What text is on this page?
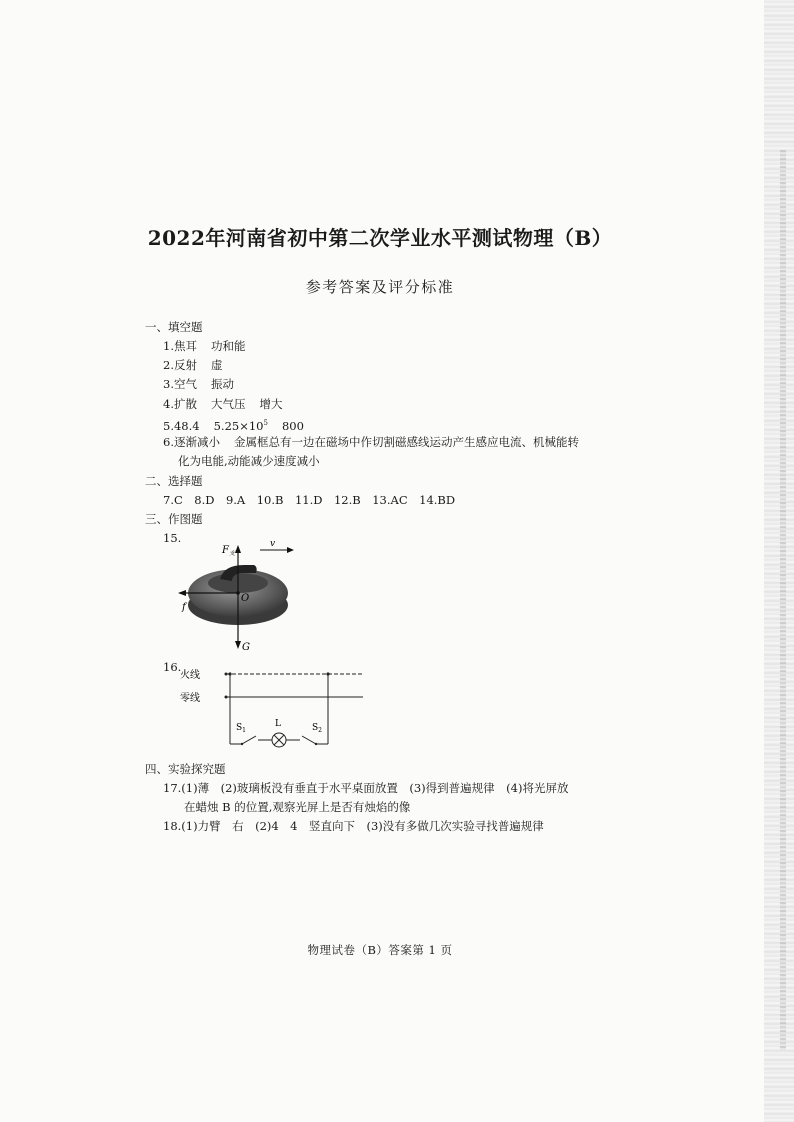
2022年河南省初中第二次学业水平测试物理（B）
参考答案及评分标准
一、填空题
1.焦耳 功和能
2.反射 虚
3.空气 振动
4.扩散 大气压 增大
5.48.4 $5.25\times 10^5$ 800
6.逐渐减小 金属框总有一边在磁场中作切割磁感线运动产生感应电流、机械能转
化为电能,动能减少速度减小
二、选择题
7.C　8.D　9.A　10.B　11.D　12.B　13.AC　14.BD
三、作图题
15.
$F_支$
v
f
O
G
16.
火线
零线
$S_1$
L	$S_2$
四、实验探究题
17.(1)薄　(2)玻璃板没有垂直于水平桌面放置　(3)得到普遍规律　(4)将光屏放
在蜡烛 B 的位置,观察光屏上是否有烛焰的像
18.(1)力臂　右　(2)4　4　竖直向下　(3)没有多做几次实验寻找普遍规律
物理试卷（B）答案第 1 页
